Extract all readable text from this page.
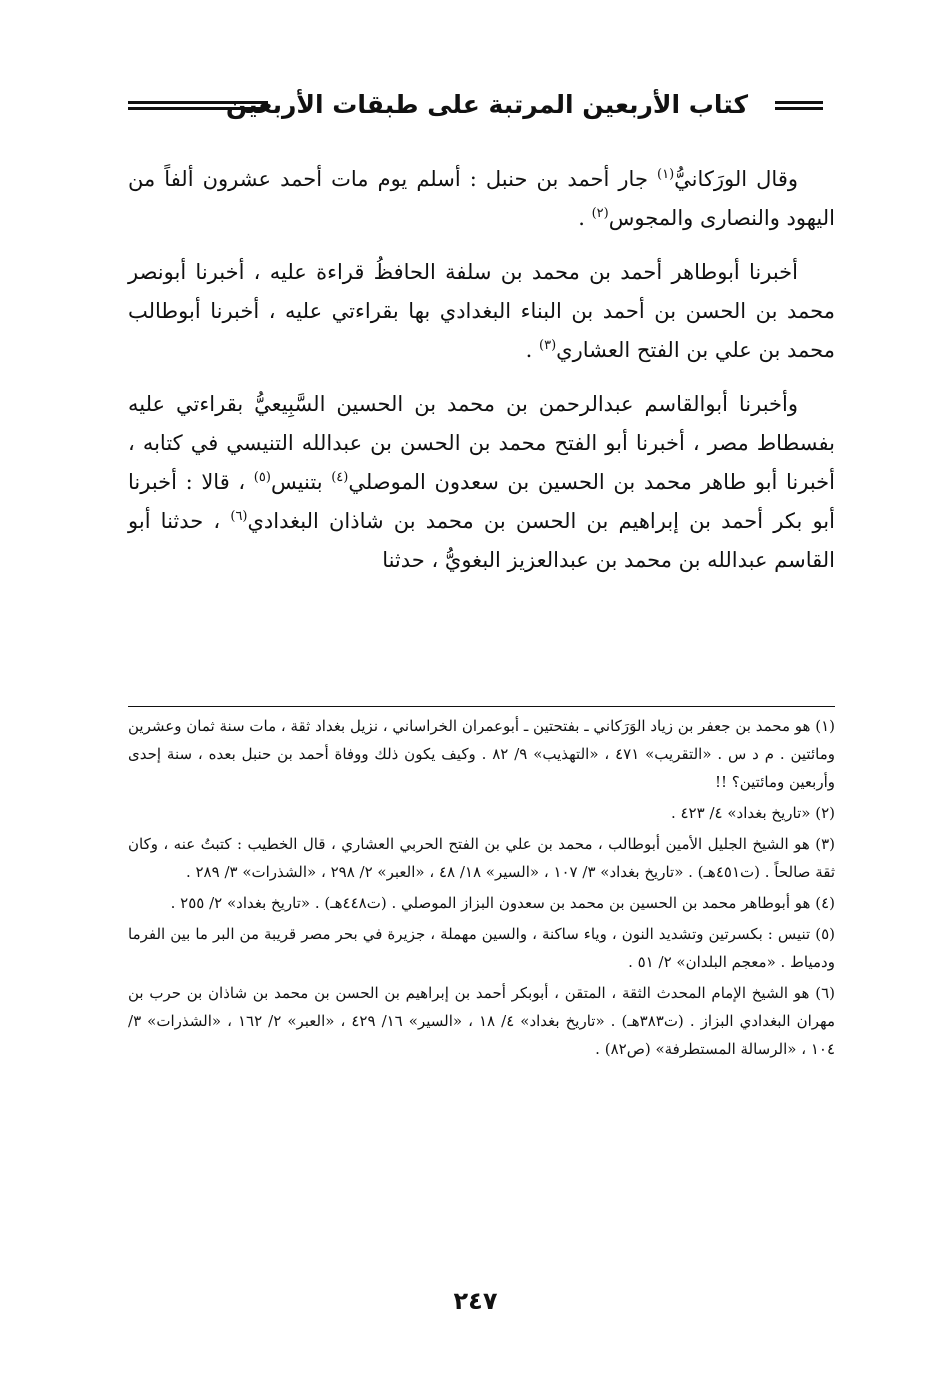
كتاب الأربعين المرتبة على طبقات الأربعين

وقال الورَكانيُّ$^{(١)}$ جار أحمد بن حنبل : أسلم يوم مات أحمد عشرون ألفاً من اليهود والنصارى والمجوس$^{(٢)}$ .

أخبرنا أبوطاهر أحمد بن محمد بن سلفة الحافظُ قراءة عليه ، أخبرنا أبونصر محمد بن الحسن بن أحمد بن البناء البغدادي بها بقراءتي عليه ، أخبرنا أبوطالب محمد بن علي بن الفتح العشاري$^{(٣)}$ .

وأخبرنا أبوالقاسم عبدالرحمن بن محمد بن الحسين السَّبِيعيُّ بقراءتي عليه بفسطاط مصر ، أخبرنا أبو الفتح محمد بن الحسن بن عبدالله التنيسي في كتابه ، أخبرنا أبو طاهر محمد بن الحسين بن سعدون الموصلي$^{(٤)}$ بتنيس$^{(٥)}$ ، قالا : أخبرنا أبو بكر أحمد بن إبراهيم بن الحسن بن محمد بن شاذان البغدادي$^{(٦)}$ ، حدثنا أبو القاسم عبدالله بن محمد بن عبدالعزيز البغويُّ ، حدثنا

(١) هو محمد بن جعفر بن زياد الوَرَكاني ـ بفتحتين ـ أبوعمران الخراساني ، نزيل بغداد ثقة ، مات سنة ثمان وعشرين ومائتين . م د س . «التقريب» ٤٧١ ، «التهذيب» ٩/ ٨٢ . وكيف يكون ذلك ووفاة أحمد بن حنبل بعده ، سنة إحدى وأربعين ومائتين؟ !!

(٢) «تاريخ بغداد» ٤/ ٤٢٣ .

(٣) هو الشيخ الجليل الأمين أبوطالب ، محمد بن علي بن الفتح الحربي العشاري ، قال الخطيب : كتبتُ عنه ، وكان ثقة صالحاً . (ت٤٥١هـ) . «تاريخ بغداد» ٣/ ١٠٧ ، «السير» ١٨/ ٤٨ ، «العبر» ٢/ ٢٩٨ ، «الشذرات» ٣/ ٢٨٩ .

(٤) هو أبوطاهر محمد بن الحسين بن محمد بن سعدون البزاز الموصلي . (ت٤٤٨هـ) . «تاريخ بغداد» ٢/ ٢٥٥ .

(٥) تنيس : بكسرتين وتشديد النون ، وياء ساكنة ، والسين مهملة ، جزيرة في بحر مصر قريبة من البر ما بين الفرما ودمياط . «معجم البلدان» ٢/ ٥١ .

(٦) هو الشيخ الإمام المحدث الثقة ، المتقن ، أبوبكر أحمد بن إبراهيم بن الحسن بن محمد بن شاذان بن حرب بن مهران البغدادي البزاز . (ت٣٨٣هـ) . «تاريخ بغداد» ٤/ ١٨ ، «السير» ١٦/ ٤٢٩ ، «العبر» ٢/ ١٦٢ ، «الشذرات» ٣/ ١٠٤ ، «الرسالة المستطرفة» (ص٨٢) .

٢٤٧
